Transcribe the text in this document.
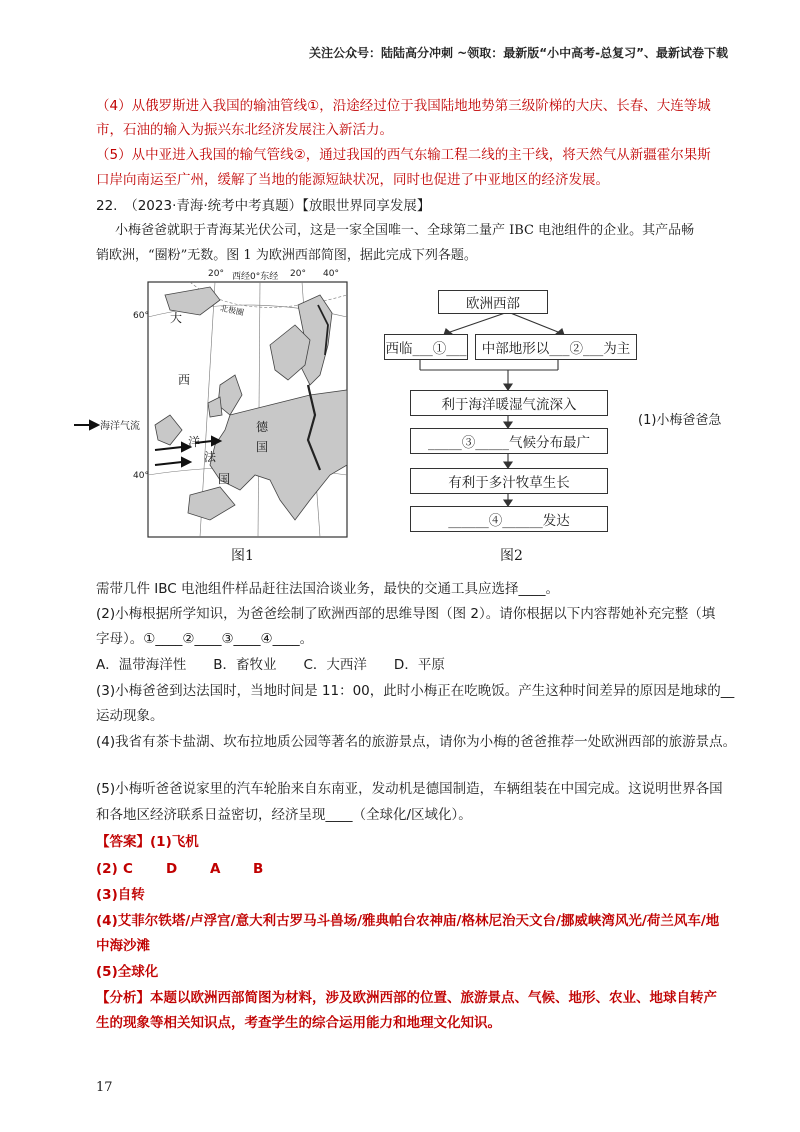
关注公众号：陆陆高分冲刺 ~领取：最新版“小中高考-总复习”、最新试卷下载
（4）从俄罗斯进入我国的输油管线①，沿途经过位于我国陆地地势第三级阶梯的大庆、长春、大连等城
市，石油的输入为振兴东北经济发展注入新活力。
（5）从中亚进入我国的输气管线②，通过我国的西气东输工程二线的主干线，将天然气从新疆霍尔果斯
口岸向南运至广州，缓解了当地的能源短缺状况，同时也促进了中亚地区的经济发展。
22.　（2023·青海·统考中考真题）【放眼世界同享发展】
小梅爸爸就职于青海某光伏公司，这是一家全国唯一、全球第二量产 IBC 电池组件的企业。其产品畅
销欧洲，“圈粉”无数。图 1 为欧洲西部简图，据此完成下列各题。
20° 西经0°东经 20° 40°
60°
40°
海洋气流
北极圈
大
西
洋
德
国
法
国
图1
欧洲西部
西临___①___	中部地形以___②___为主
利于海洋暖湿气流深入
_____③_____气候分布最广
有利于多汁牧草生长
______④______发达
图2
(1)小梅爸爸急
需带几件 IBC 电池组件样品赶往法国洽谈业务，最快的交通工具应选择____。
(2)小梅根据所学知识，为爸爸绘制了欧洲西部的思维导图（图 2）。请你根据以下内容帮她补充完整（填
字母）。①____②____③____④____。
A．温带海洋性　　B．畜牧业　　C．大西洋　　D．平原
(3)小梅爸爸到达法国时，当地时间是 11：00，此时小梅正在吃晚饭。产生这种时间差异的原因是地球的__
运动现象。
(4)我省有茶卡盐湖、坎布拉地质公园等著名的旅游景点，请你为小梅的爸爸推荐一处欧洲西部的旅游景点。
(5)小梅听爸爸说家里的汽车轮胎来自东南亚，发动机是德国制造，车辆组装在中国完成。这说明世界各国
和各地区经济联系日益密切，经济呈现____（全球化/区域化）。
【答案】(1)飞机
(2) C D A B
(3)自转
(4)艾菲尔铁塔/卢浮宫/意大利古罗马斗兽场/雅典帕台农神庙/格林尼治天文台/挪威峡湾风光/荷兰风车/地
中海沙滩
(5)全球化
【分析】本题以欧洲西部简图为材料，涉及欧洲西部的位置、旅游景点、气候、地形、农业、地球自转产
生的现象等相关知识点，考查学生的综合运用能力和地理文化知识。
17
